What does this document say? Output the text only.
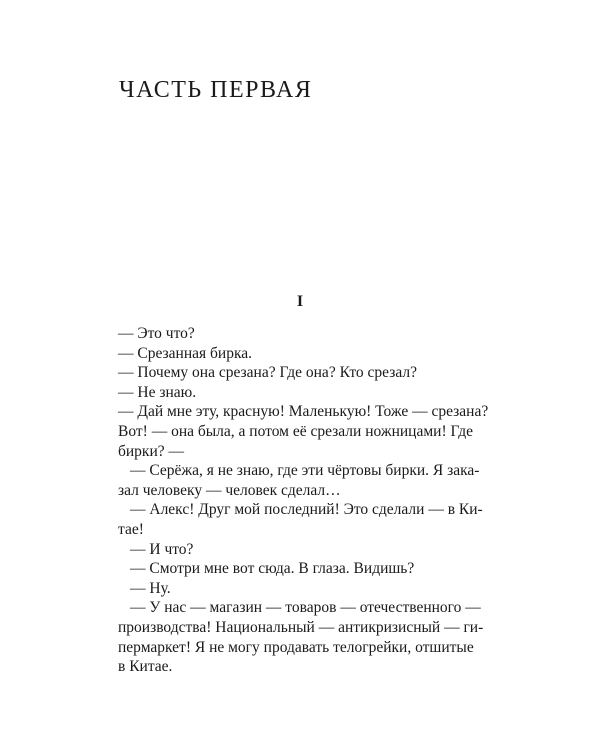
ЧАСТЬ ПЕРВАЯ
I
— Это что?
— Срезанная бирка.
— Почему она срезана? Где она? Кто срезал?
— Не знаю.
— Дай мне эту, красную! Маленькую! Тоже — срезана?
Вот! — она была, а потом её срезали ножницами! Где
бирки? —
— Серёжа, я не знаю, где эти чёртовы бирки. Я зака-
зал человеку — человек сделал…
— Алекс! Друг мой последний! Это сделали — в Ки-
тае!
— И что?
— Смотри мне вот сюда. В глаза. Видишь?
— Ну.
— У нас — магазин — товаров — отечественного —
производства! Национальный — антикризисный — ги-
пермаркет! Я не могу продавать телогрейки, отшитые
в Китае.
